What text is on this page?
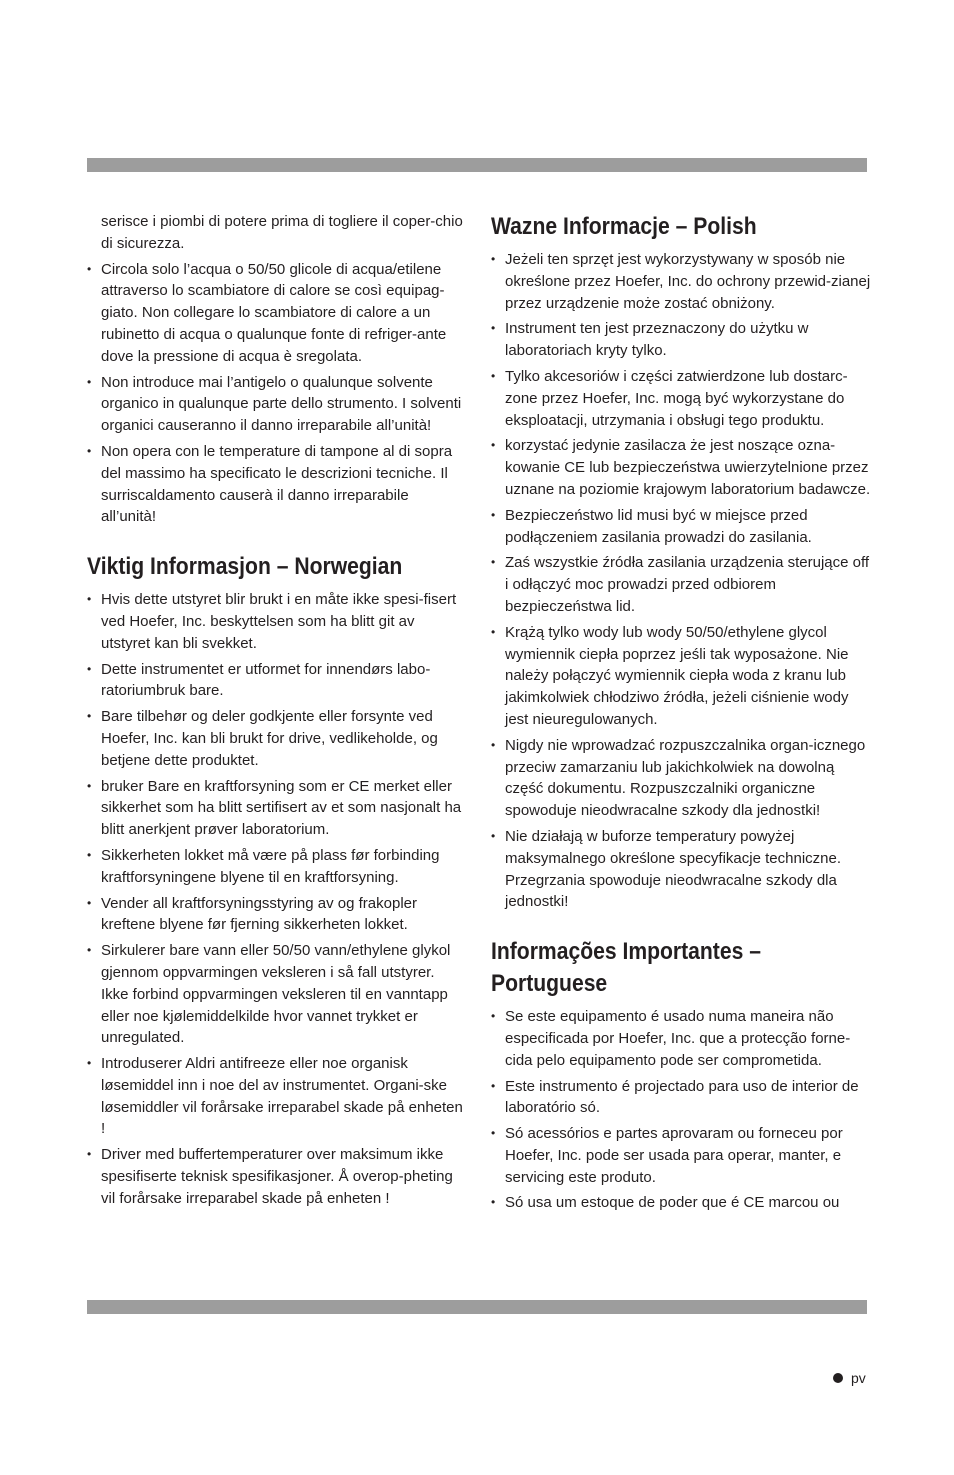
serisce i piombi di potere prima di togliere il coper-chio di sicurezza.
• Circola solo l’acqua o 50/50 glicole di acqua/etilene attraverso lo scambiatore di calore se così equipag-giato. Non collegare lo scambiatore di calore a un rubinetto di acqua o qualunque fonte di refriger-ante dove la pressione di acqua è sregolata.
• Non introduce mai l’antigelo o qualunque solvente organico in qualunque parte dello strumento. I solventi organici causeranno il danno irreparabile all’unità!
• Non opera con le temperature di tampone al di sopra del massimo ha specificato le descrizioni tecniche. Il surriscaldamento causerà il danno irreparabile all’unità!
Viktig Informasjon – Norwegian
• Hvis dette utstyret blir brukt i en måte ikke spesi-fisert ved Hoefer, Inc. beskyttelsen som ha blitt git av utstyret kan bli svekket.
• Dette instrumentet er utformet for innendørs labo-ratoriumbruk bare.
• Bare tilbehør og deler godkjente eller forsynte ved Hoefer, Inc. kan bli brukt for drive, vedlikeholde, og betjene dette produktet.
• bruker Bare en kraftforsyning som er CE merket eller sikkerhet som ha blitt sertifisert av et som nasjonalt ha blitt anerkjent prøver laboratorium.
• Sikkerheten lokket må være på plass før forbinding kraftforsyningene blyene til en kraftforsyning.
• Vender all kraftforsyningsstyring av og frakopler kreftene blyene før fjerning sikkerheten lokket.
• Sirkulerer bare vann eller 50/50 vann/ethylene glykol gjennom oppvarmingen veksleren i så fall utstyrer. Ikke forbind oppvarmingen veksleren til en vanntapp eller noe kjølemiddelkilde hvor vannet trykket er unregulated.
• Introduserer Aldri antifreeze eller noe organisk løsemiddel inn i noe del av instrumentet. Organi-ske løsemiddler vil forårsake irreparabel skade på enheten !
• Driver med buffertemperaturer over maksimum ikke spesifiserte teknisk spesifikasjoner. Å overop-pheting vil forårsake irreparabel skade på enheten !
Wazne Informacje – Polish
• Jeżeli ten sprzęt jest wykorzystywany w sposób nie określone przez Hoefer, Inc. do ochrony przewid-zianej przez urządzenie może zostać obniżony.
• Instrument ten jest przeznaczony do użytku w laboratoriach kryty tylko.
• Tylko akcesoriów i części zatwierdzone lub dostarc-zone przez Hoefer, Inc. mogą być wykorzystane do eksploatacji, utrzymania i obsługi tego produktu.
• korzystać jedynie zasilacza że jest noszące ozna-kowanie CE lub bezpieczeństwa uwierzytelnione przez uznane na poziomie krajowym laboratorium badawcze.
• Bezpieczeństwo lid musi być w miejsce przed podłączeniem zasilania prowadzi do zasilania.
• Zaś wszystkie źródła zasilania urządzenia sterujące off i odłączyć moc prowadzi przed odbiorem bezpieczeństwa lid.
• Krążą tylko wody lub wody 50/50/ethylene glycol wymiennik ciepła poprzez jeśli tak wyposażone. Nie należy połączyć wymiennik ciepła woda z kranu lub jakimkolwiek chłodziwo źródła, jeżeli ciśnienie wody jest nieuregulowanych.
• Nigdy nie wprowadzać rozpuszczalnika organ-icznego przeciw zamarzaniu lub jakichkolwiek na dowolną część dokumentu. Rozpuszczalniki organiczne spowoduje nieodwracalne szkody dla jednostki!
• Nie działają w buforze temperatury powyżej maksymalnego określone specyfikacje techniczne. Przegrzania spowoduje nieodwracalne szkody dla jednostki!
Informações Importantes –
Portuguese
• Se este equipamento é usado numa maneira não especificada por Hoefer, Inc. que a protecção forne-cida pelo equipamento pode ser comprometida.
• Este instrumento é projectado para uso de interior de laboratório só.
• Só acessórios e partes aprovaram ou forneceu por Hoefer, Inc. pode ser usada para operar, manter, e servicing este produto.
• Só usa um estoque de poder que é CE marcou ou
pv
